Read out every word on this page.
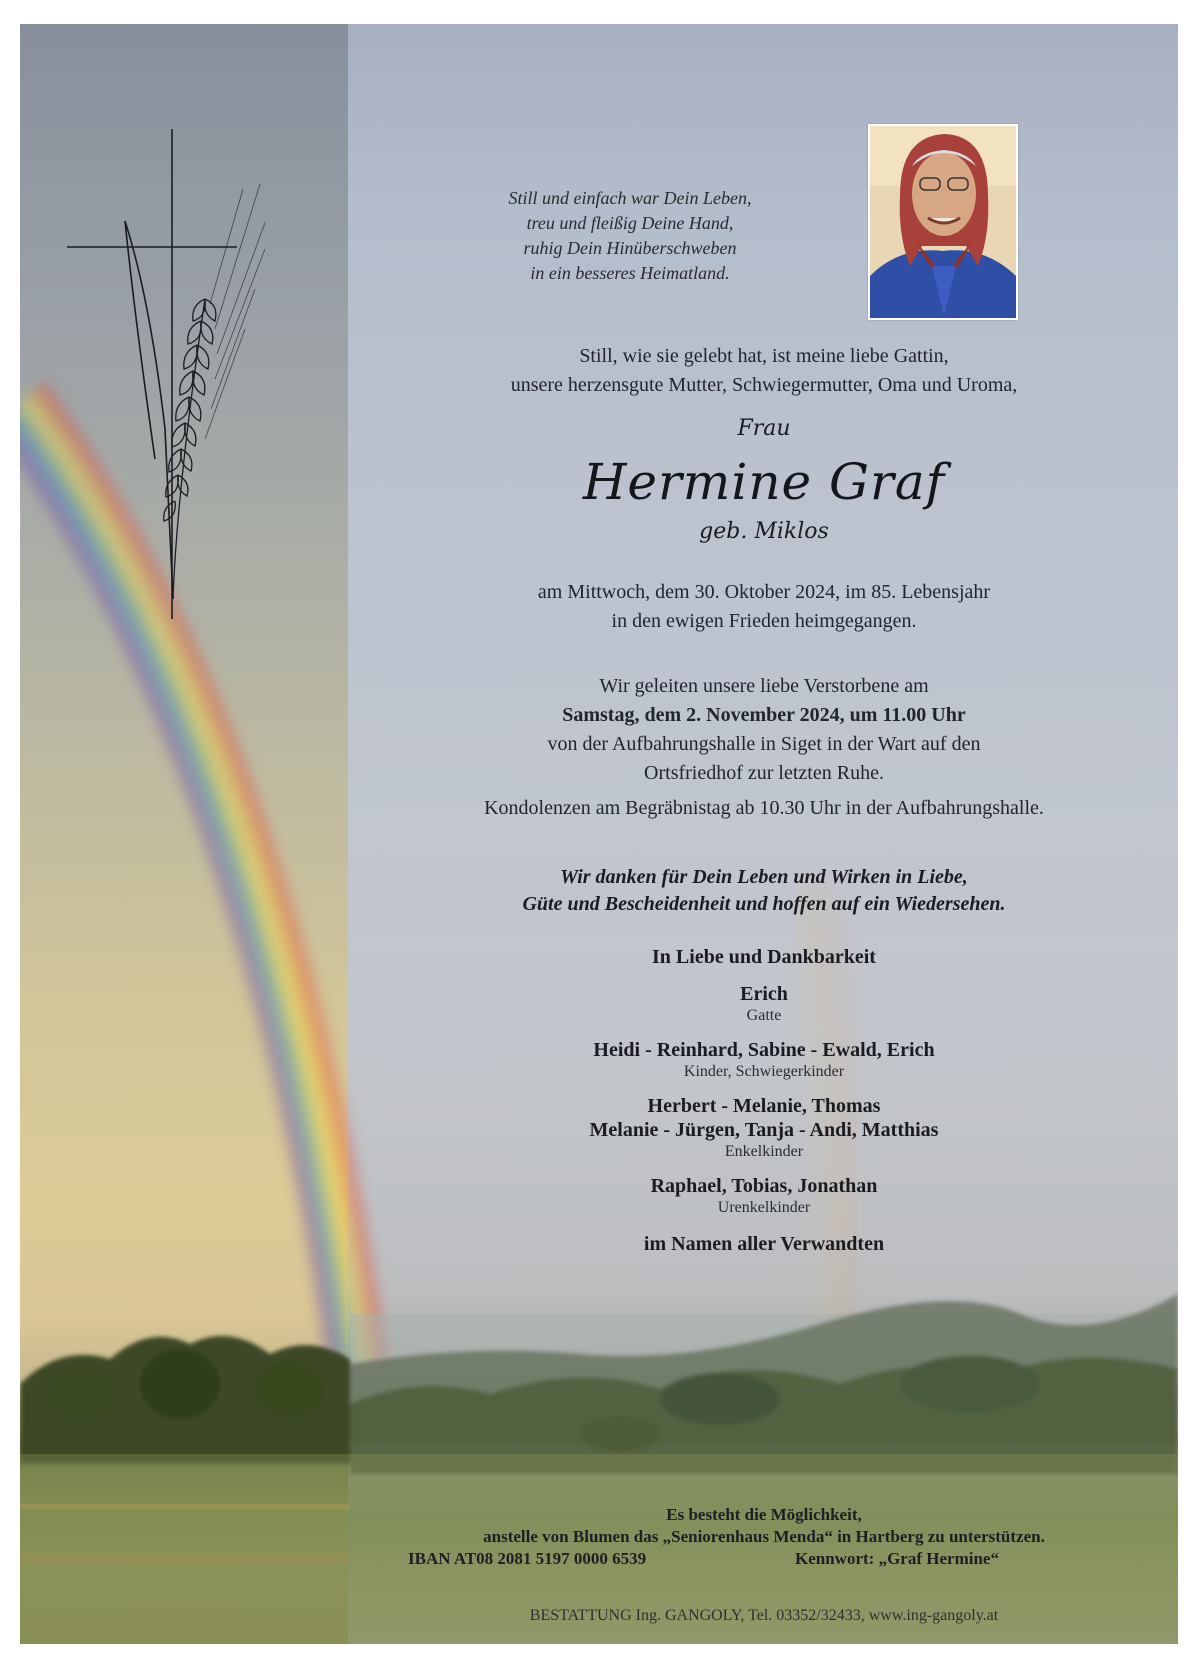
Still und einfach war Dein Leben,
treu und fleißig Deine Hand,
ruhig Dein Hinüberschweben
in ein besseres Heimatland.
Still, wie sie gelebt hat, ist meine liebe Gattin,
unsere herzensgute Mutter, Schwiegermutter, Oma und Uroma,
Frau
Hermine Graf
geb. Miklos
am Mittwoch, dem 30. Oktober 2024, im 85. Lebensjahr
in den ewigen Frieden heimgegangen.
Wir geleiten unsere liebe Verstorbene am
Samstag, dem 2. November 2024, um 11.00 Uhr
von der Aufbahrungshalle in Siget in der Wart auf den
Ortsfriedhof zur letzten Ruhe.
Kondolenzen am Begräbnistag ab 10.30 Uhr in der Aufbahrungshalle.
Wir danken für Dein Leben und Wirken in Liebe,
Güte und Bescheidenheit und hoffen auf ein Wiedersehen.
In Liebe und Dankbarkeit
Erich
Gatte
Heidi - Reinhard, Sabine - Ewald, Erich
Kinder, Schwiegerkinder
Herbert - Melanie, Thomas
Melanie - Jürgen, Tanja - Andi, Matthias
Enkelkinder
Raphael, Tobias, Jonathan
Urenkelkinder
im Namen aller Verwandten
Es besteht die Möglichkeit,
anstelle von Blumen das „Seniorenhaus Menda“ in Hartberg zu unterstützen.
IBAN AT08 2081 5197 0000 6539	Kennwort: „Graf Hermine“
BESTATTUNG Ing. GANGOLY, Tel. 03352/32433, www.ing-gangoly.at
